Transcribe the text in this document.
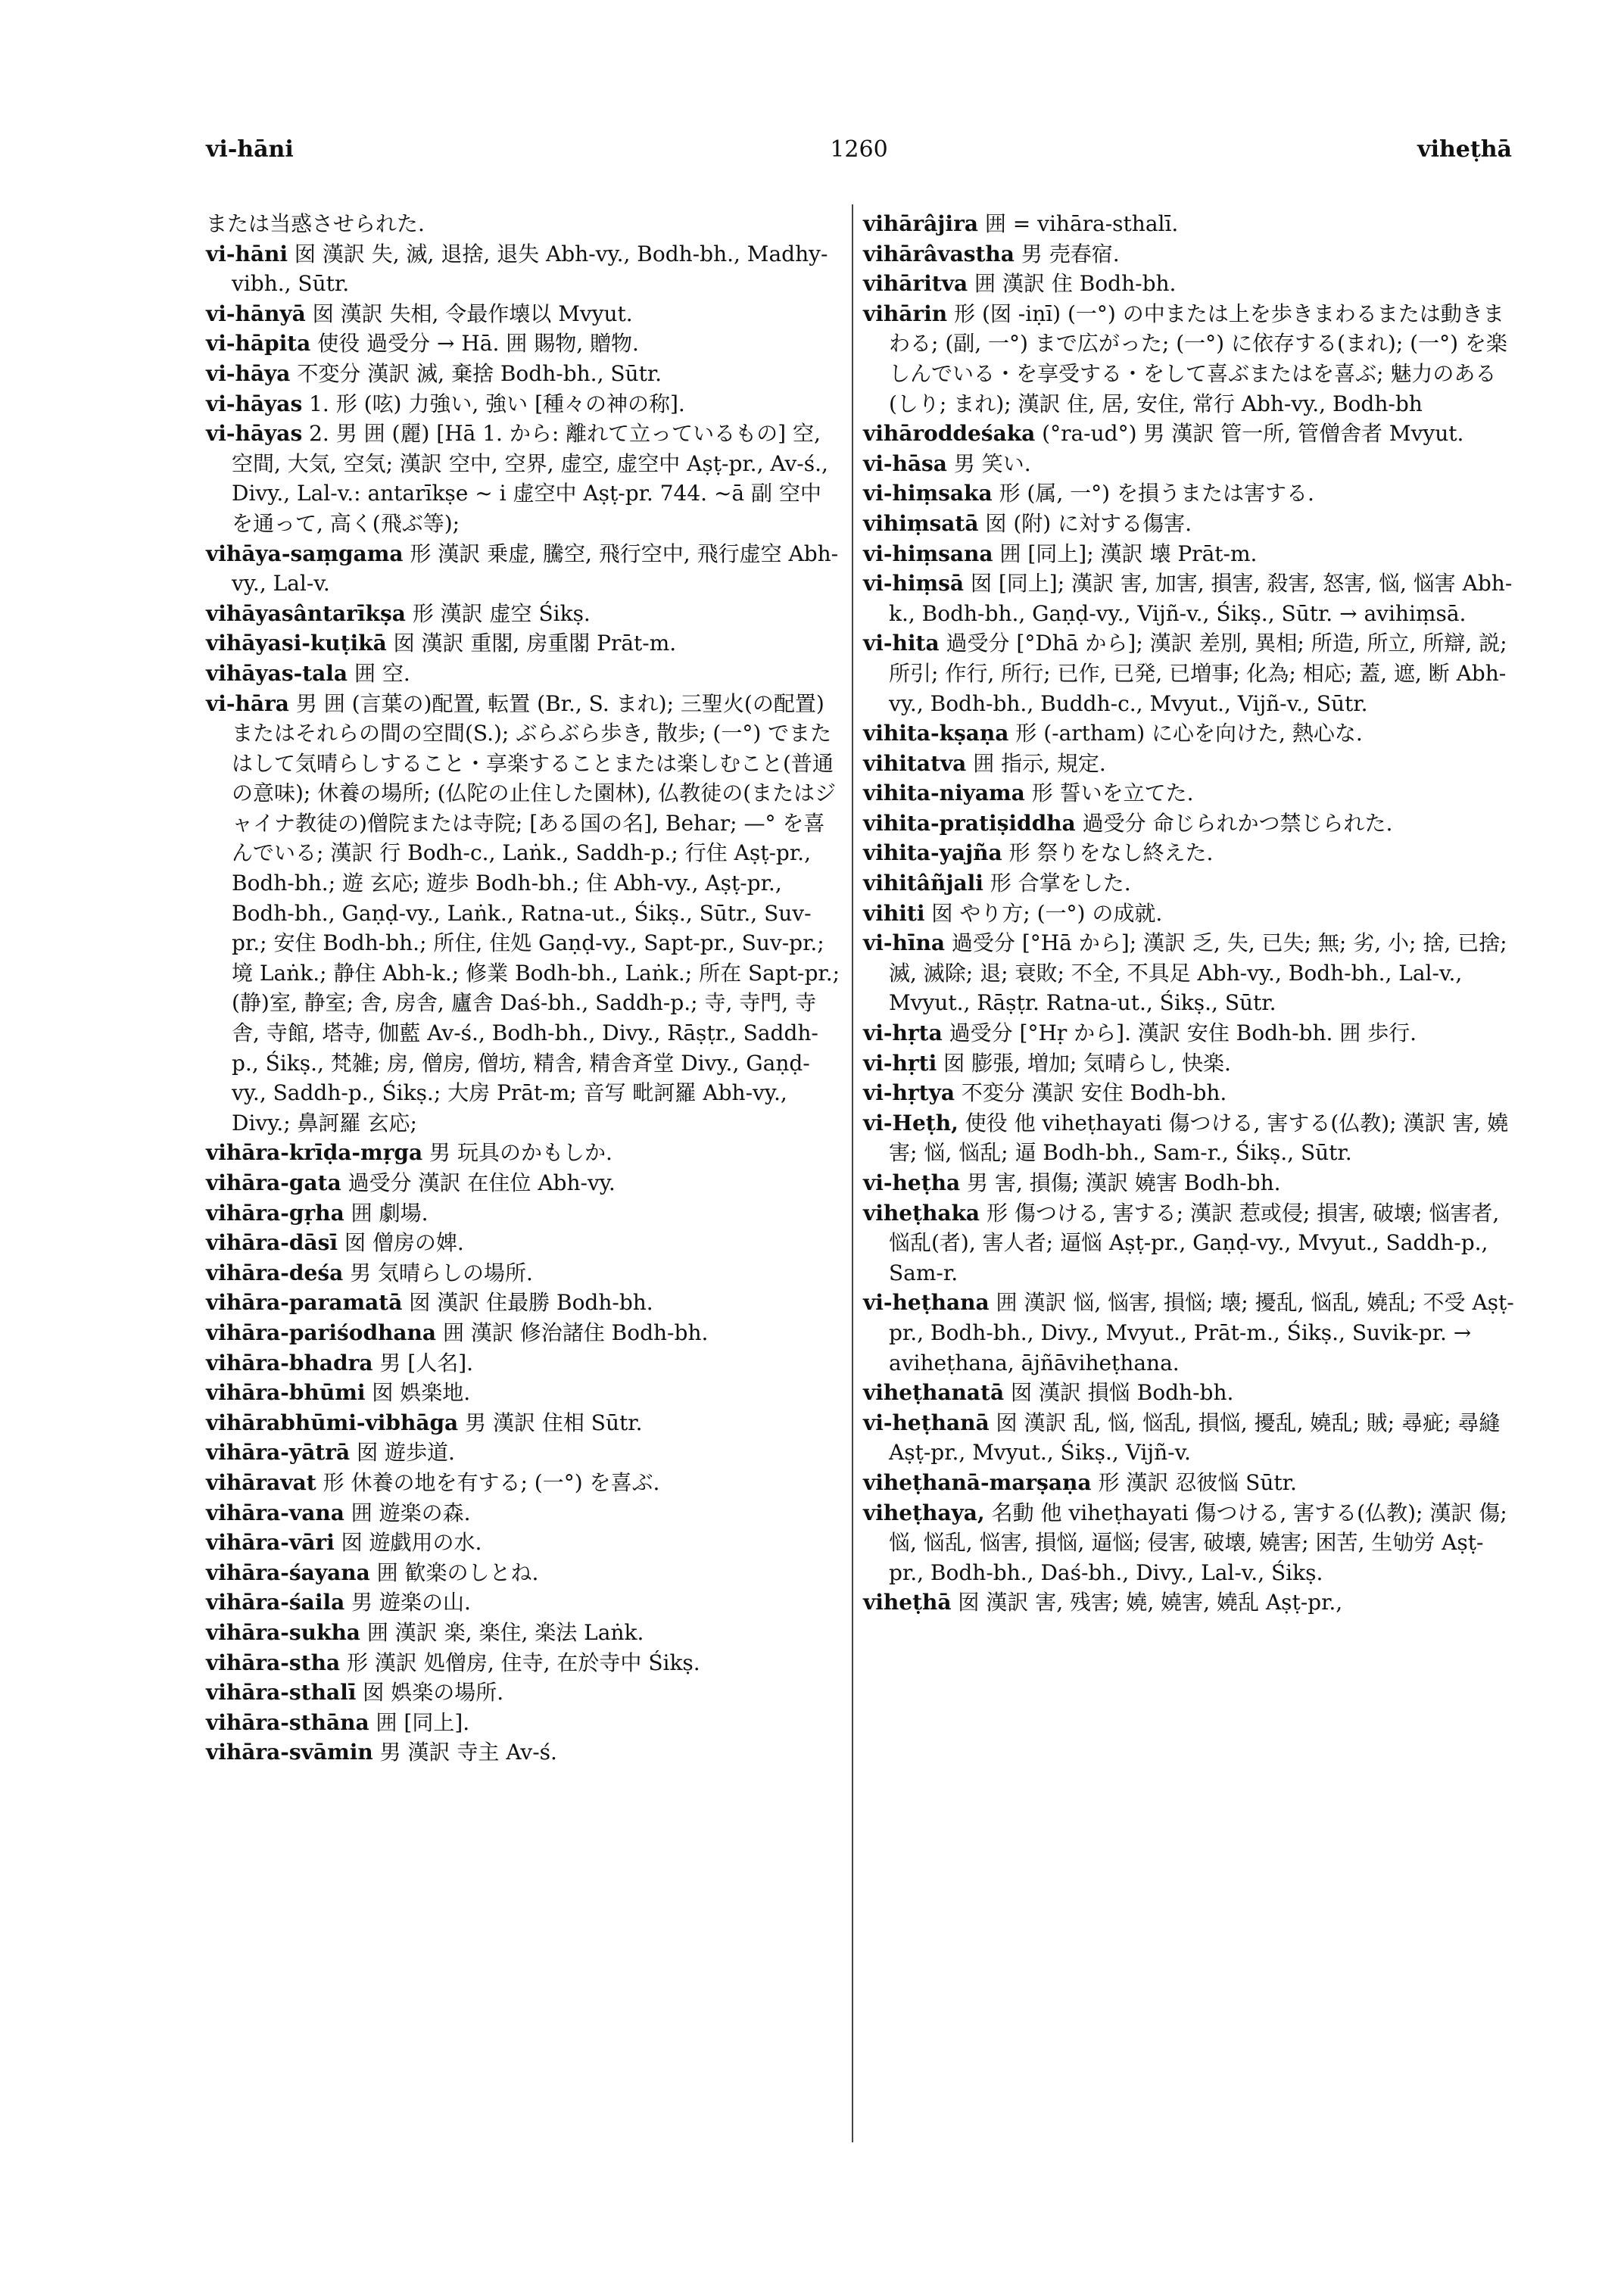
vi-hāni	1260	viheṭhā

または当惑させられた.

vi-hāni 囡 漢訳 失, 滅, 退捨, 退失 Abh-vy., Bodh-bh., Madhy-vibh., Sūtr.

vi-hānyā 囡 漢訳 失相, 令最作壊以 Mvyut.

vi-hāpita 使役 過受分 → Hā. 囲 賜物, 贈物.

vi-hāya 不変分 漢訳 滅, 棄捨 Bodh-bh., Sūtr.

vi-hāyas 1. 形 (呟) 力強い, 強い [種々の神の称].

vi-hāyas 2. 男 囲 (麗) [Hā 1. から: 離れて立っているもの] 空, 空間, 大気, 空気; 漢訳 空中, 空界, 虚空, 虚空中 Aṣṭ-pr., Av-ś., Divy., Lal-v.: antarīkṣe ~ i 虚空中 Aṣṭ-pr. 744. ~ā 副 空中を通って, 高く(飛ぶ等);

vihāya-saṃgama 形 漢訳 乗虚, 騰空, 飛行空中, 飛行虚空 Abh-vy., Lal-v.

vihāyasântarīkṣa 形 漢訳 虚空 Śikṣ.

vihāyasi-kuṭikā 囡 漢訳 重閣, 房重閣 Prāt-m.

vihāyas-tala 囲 空.

vi-hāra 男 囲 (言葉の)配置, 転置 (Br., S. まれ); 三聖火(の配置) またはそれらの間の空間(S.); ぶらぶら歩き, 散歩; (一°) でまたはして気晴らしすること・享楽することまたは楽しむこと(普通の意味); 休養の場所; (仏陀の止住した園林), 仏教徒の(またはジャイナ教徒の)僧院または寺院; [ある国の名], Behar; —° を喜んでいる; 漢訳 行 Bodh-c., Laṅk., Saddh-p.; 行住 Aṣṭ-pr., Bodh-bh.; 遊 玄応; 遊歩 Bodh-bh.; 住 Abh-vy., Aṣṭ-pr., Bodh-bh., Gaṇḍ-vy., Laṅk., Ratna-ut., Śikṣ., Sūtr., Suv-pr.; 安住 Bodh-bh.; 所住, 住処 Gaṇḍ-vy., Sapt-pr., Suv-pr.; 境 Laṅk.; 静住 Abh-k.; 修業 Bodh-bh., Laṅk.; 所在 Sapt-pr.; (静)室, 静室; 舎, 房舎, 廬舎 Daś-bh., Saddh-p.; 寺, 寺門, 寺舎, 寺館, 塔寺, 伽藍 Av-ś., Bodh-bh., Divy., Rāṣṭr., Saddh-p., Śikṣ., 梵雑; 房, 僧房, 僧坊, 精舎, 精舎斉堂 Divy., Gaṇḍ-vy., Saddh-p., Śikṣ.; 大房 Prāt-m; 音写 毗訶羅 Abh-vy., Divy.; 鼻訶羅 玄応;

vihāra-krīḍa-mṛga 男 玩具のかもしか.

vihāra-gata 過受分 漢訳 在住位 Abh-vy.

vihāra-gṛha 囲 劇場.

vihāra-dāsī 囡 僧房の婢.

vihāra-deśa 男 気晴らしの場所.

vihāra-paramatā 囡 漢訳 住最勝 Bodh-bh.

vihāra-pariśodhana 囲 漢訳 修治諸住 Bodh-bh.

vihāra-bhadra 男 [人名].

vihāra-bhūmi 囡 娯楽地.

vihārabhūmi-vibhāga 男 漢訳 住相 Sūtr.

vihāra-yātrā 囡 遊歩道.

vihāravat 形 休養の地を有する; (一°) を喜ぶ.

vihāra-vana 囲 遊楽の森.

vihāra-vāri 囡 遊戯用の水.

vihāra-śayana 囲 歓楽のしとね.

vihāra-śaila 男 遊楽の山.

vihāra-sukha 囲 漢訳 楽, 楽住, 楽法 Laṅk.

vihāra-stha 形 漢訳 処僧房, 住寺, 在於寺中 Śikṣ.

vihāra-sthalī 囡 娯楽の場所.

vihāra-sthāna 囲 [同上].

vihāra-svāmin 男 漢訳 寺主 Av-ś.

vihārâjira 囲 = vihāra-sthalī.

vihārâvastha 男 売春宿.

vihāritva 囲 漢訳 住 Bodh-bh.

vihārin 形 (囡 -iṇī) (一°) の中または上を歩きまわるまたは動きまわる; (副, 一°) まで広がった; (一°) に依存する(まれ); (一°) を楽しんでいる・を享受する・をして喜ぶまたはを喜ぶ; 魅力のある(しり; まれ); 漢訳 住, 居, 安住, 常行 Abh-vy., Bodh-bh

vihāroddeśaka (°ra-ud°) 男 漢訳 管一所, 管僧舎者 Mvyut.

vi-hāsa 男 笑い.

vi-hiṃsaka 形 (属, 一°) を損うまたは害する.

vihiṃsatā 囡 (附) に対する傷害.

vi-hiṃsana 囲 [同上]; 漢訳 壊 Prāt-m.

vi-hiṃsā 囡 [同上]; 漢訳 害, 加害, 損害, 殺害, 怒害, 悩, 悩害 Abh-k., Bodh-bh., Gaṇḍ-vy., Vijñ-v., Śikṣ., Sūtr. → avihiṃsā.

vi-hita 過受分 [°Dhā から]; 漢訳 差別, 異相; 所造, 所立, 所辯, 説; 所引; 作行, 所行; 已作, 已発, 已増事; 化為; 相応; 蓋, 遮, 断 Abh-vy., Bodh-bh., Buddh-c., Mvyut., Vijñ-v., Sūtr.

vihita-kṣaṇa 形 (-artham) に心を向けた, 熱心な.

vihitatva 囲 指示, 規定.

vihita-niyama 形 誓いを立てた.

vihita-pratiṣiddha 過受分 命じられかつ禁じられた.

vihita-yajña 形 祭りをなし終えた.

vihitâñjali 形 合掌をした.

vihiti 囡 やり方; (一°) の成就.

vi-hīna 過受分 [°Hā から]; 漢訳 乏, 失, 已失; 無; 劣, 小; 捨, 已捨; 滅, 滅除; 退; 衰敗; 不全, 不具足 Abh-vy., Bodh-bh., Lal-v., Mvyut., Rāṣṭr. Ratna-ut., Śikṣ., Sūtr.

vi-hṛta 過受分 [°Hṛ から]. 漢訳 安住 Bodh-bh. 囲 歩行.

vi-hṛti 囡 膨張, 増加; 気晴らし, 快楽.

vi-hṛtya 不変分 漢訳 安住 Bodh-bh.

vi-Heṭh, 使役 他 viheṭhayati 傷つける, 害する(仏教); 漢訳 害, 嬈害; 悩, 悩乱; 逼 Bodh-bh., Sam-r., Śikṣ., Sūtr.

vi-heṭha 男 害, 損傷; 漢訳 嬈害 Bodh-bh.

viheṭhaka 形 傷つける, 害する; 漢訳 惹或侵; 損害, 破壊; 悩害者, 悩乱(者), 害人者; 逼悩 Aṣṭ-pr., Gaṇḍ-vy., Mvyut., Saddh-p., Sam-r.

vi-heṭhana 囲 漢訳 悩, 悩害, 損悩; 壊; 擾乱, 悩乱, 嬈乱; 不受 Aṣṭ-pr., Bodh-bh., Divy., Mvyut., Prāt-m., Śikṣ., Suvik-pr. → aviheṭhana, ājñāviheṭhana.

viheṭhanatā 囡 漢訳 損悩 Bodh-bh.

vi-heṭhanā 囡 漢訳 乱, 悩, 悩乱, 損悩, 擾乱, 嬈乱; 賊; 尋疵; 尋縫 Aṣṭ-pr., Mvyut., Śikṣ., Vijñ-v.

viheṭhanā-marṣaṇa 形 漢訳 忍彼悩 Sūtr.

viheṭhaya, 名動 他 viheṭhayati 傷つける, 害する(仏教); 漢訳 傷; 悩, 悩乱, 悩害, 損悩, 逼悩; 侵害, 破壊, 嬈害; 困苦, 生劬労 Aṣṭ-pr., Bodh-bh., Daś-bh., Divy., Lal-v., Śikṣ.

viheṭhā 囡 漢訳 害, 残害; 嬈, 嬈害, 嬈乱 Aṣṭ-pr.,
